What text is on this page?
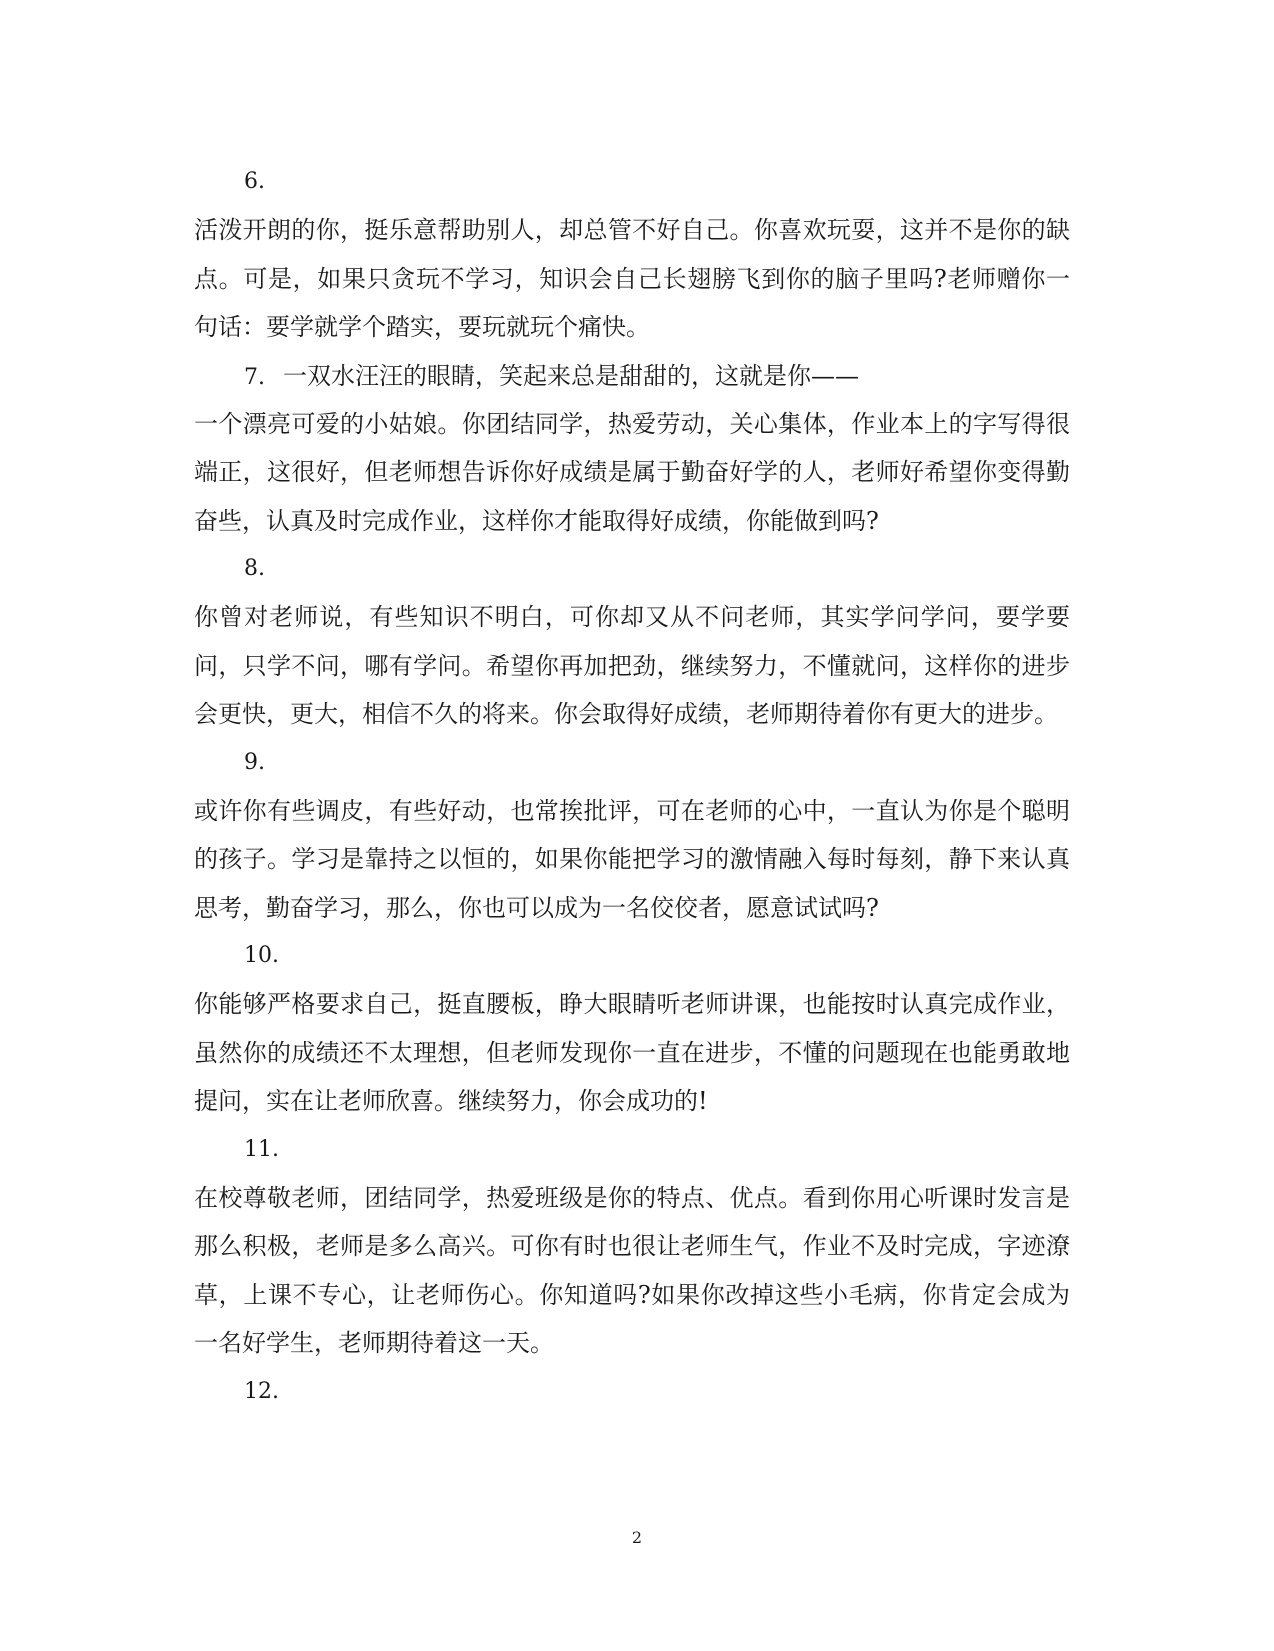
6.
活泼开朗的你，挺乐意帮助别人，却总管不好自己。你喜欢玩耍，这并不是你的缺点。可是，如果只贪玩不学习，知识会自己长翅膀飞到你的脑子里吗?老师赠你一句话：要学就学个踏实，要玩就玩个痛快。
7. 一双水汪汪的眼睛，笑起来总是甜甜的，这就是你——
一个漂亮可爱的小姑娘。你团结同学，热爱劳动，关心集体，作业本上的字写得很端正，这很好，但老师想告诉你好成绩是属于勤奋好学的人，老师好希望你变得勤奋些，认真及时完成作业，这样你才能取得好成绩，你能做到吗?
8.
你曾对老师说，有些知识不明白，可你却又从不问老师，其实学问学问，要学要问，只学不问，哪有学问。希望你再加把劲，继续努力，不懂就问，这样你的进步会更快，更大，相信不久的将来。你会取得好成绩，老师期待着你有更大的进步。
9.
或许你有些调皮，有些好动，也常挨批评，可在老师的心中，一直认为你是个聪明的孩子。学习是靠持之以恒的，如果你能把学习的激情融入每时每刻，静下来认真思考，勤奋学习，那么，你也可以成为一名佼佼者，愿意试试吗?
10.
你能够严格要求自己，挺直腰板，睁大眼睛听老师讲课，也能按时认真完成作业，虽然你的成绩还不太理想，但老师发现你一直在进步，不懂的问题现在也能勇敢地提问，实在让老师欣喜。继续努力，你会成功的!
11.
在校尊敬老师，团结同学，热爱班级是你的特点、优点。看到你用心听课时发言是那么积极，老师是多么高兴。可你有时也很让老师生气，作业不及时完成，字迹潦草，上课不专心，让老师伤心。你知道吗?如果你改掉这些小毛病，你肯定会成为一名好学生，老师期待着这一天。
12.
2
